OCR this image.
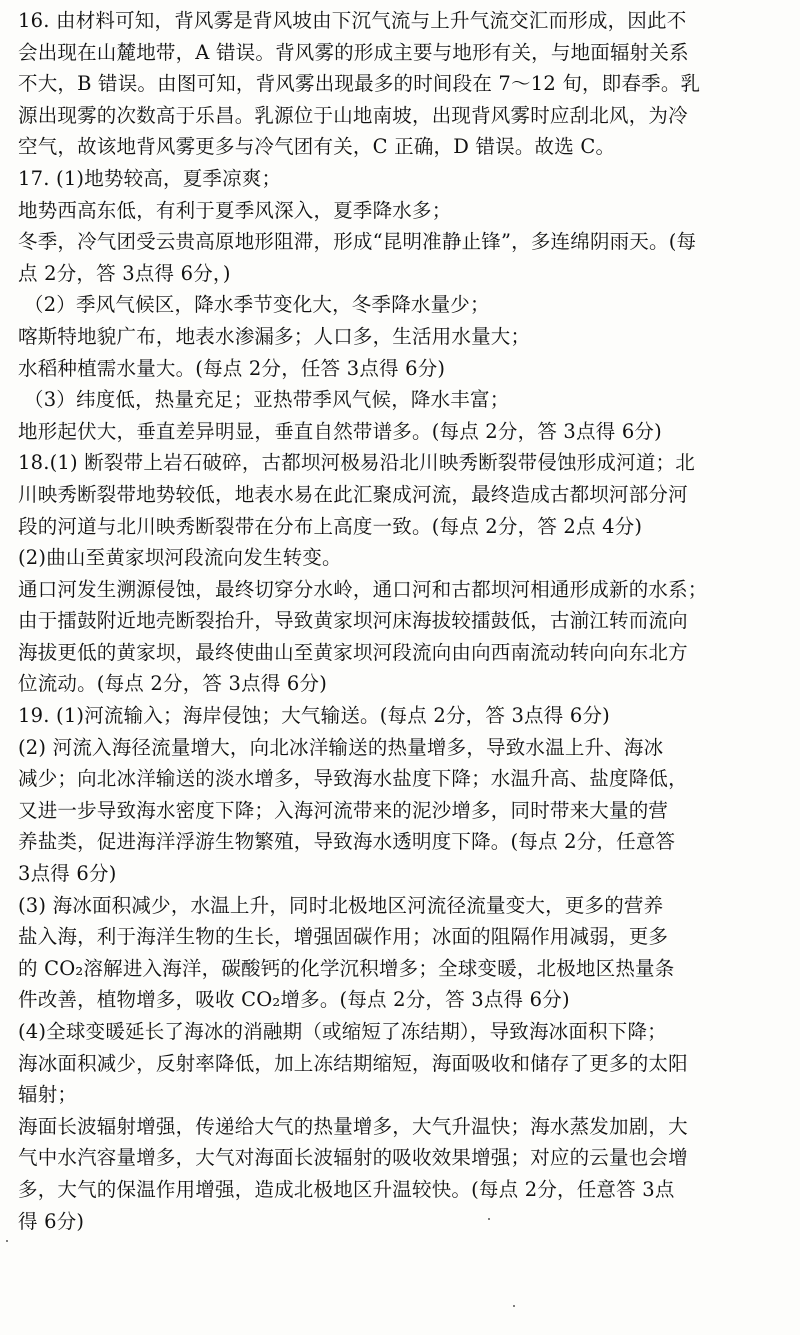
16. 由材料可知，背风雾是背风坡由下沉气流与上升气流交汇而形成，因此不
会出现在山麓地带，A 错误。背风雾的形成主要与地形有关，与地面辐射关系
不大，B 错误。由图可知，背风雾出现最多的时间段在 7～12 旬，即春季。乳
源出现雾的次数高于乐昌。乳源位于山地南坡，出现背风雾时应刮北风，为冷
空气，故该地背风雾更多与冷气团有关，C 正确，D 错误。故选 C。
17. (1)地势较高，夏季凉爽；
地势西高东低，有利于夏季风深入，夏季降水多；
冬季，冷气团受云贵高原地形阻滞，形成“昆明准静止锋”，多连绵阴雨天。(每
点 2分，答 3点得 6分，)
（2）季风气候区，降水季节变化大，冬季降水量少；
喀斯特地貌广布，地表水渗漏多；人口多，生活用水量大；
水稻种植需水量大。(每点 2分，任答 3点得 6分)
（3）纬度低，热量充足；亚热带季风气候，降水丰富；
地形起伏大，垂直差异明显，垂直自然带谱多。(每点 2分，答 3点得 6分)
18.(1) 断裂带上岩石破碎，古都坝河极易沿北川映秀断裂带侵蚀形成河道；北
川映秀断裂带地势较低，地表水易在此汇聚成河流，最终造成古都坝河部分河
段的河道与北川映秀断裂带在分布上高度一致。(每点 2分，答 2点 4分)
(2)曲山至黄家坝河段流向发生转变。
通口河发生溯源侵蚀，最终切穿分水岭，通口河和古都坝河相通形成新的水系；
由于擂鼓附近地壳断裂抬升，导致黄家坝河床海拔较擂鼓低，古湔江转而流向
海拔更低的黄家坝，最终使曲山至黄家坝河段流向由向西南流动转向向东北方
位流动。(每点 2分，答 3点得 6分)
19. (1)河流输入；海岸侵蚀；大气输送。(每点 2分，答 3点得 6分)
(2) 河流入海径流量增大，向北冰洋输送的热量增多，导致水温上升、海冰
减少；向北冰洋输送的淡水增多，导致海水盐度下降；水温升高、盐度降低，
又进一步导致海水密度下降；入海河流带来的泥沙增多，同时带来大量的营
养盐类，促进海洋浮游生物繁殖，导致海水透明度下降。(每点 2分，任意答
3点得 6分)
(3) 海冰面积减少，水温上升，同时北极地区河流径流量变大，更多的营养
盐入海，利于海洋生物的生长，增强固碳作用；冰面的阻隔作用减弱，更多
的 CO₂溶解进入海洋，碳酸钙的化学沉积增多；全球变暖，北极地区热量条
件改善，植物增多，吸收 CO₂增多。(每点 2分，答 3点得 6分)
(4)全球变暖延长了海冰的消融期（或缩短了冻结期），导致海冰面积下降；
海冰面积减少，反射率降低，加上冻结期缩短，海面吸收和储存了更多的太阳
辐射；
海面长波辐射增强，传递给大气的热量增多，大气升温快；海水蒸发加剧，大
气中水汽容量增多，大气对海面长波辐射的吸收效果增强；对应的云量也会增
多，大气的保温作用增强，造成北极地区升温较快。(每点 2分，任意答 3点
得 6分)
